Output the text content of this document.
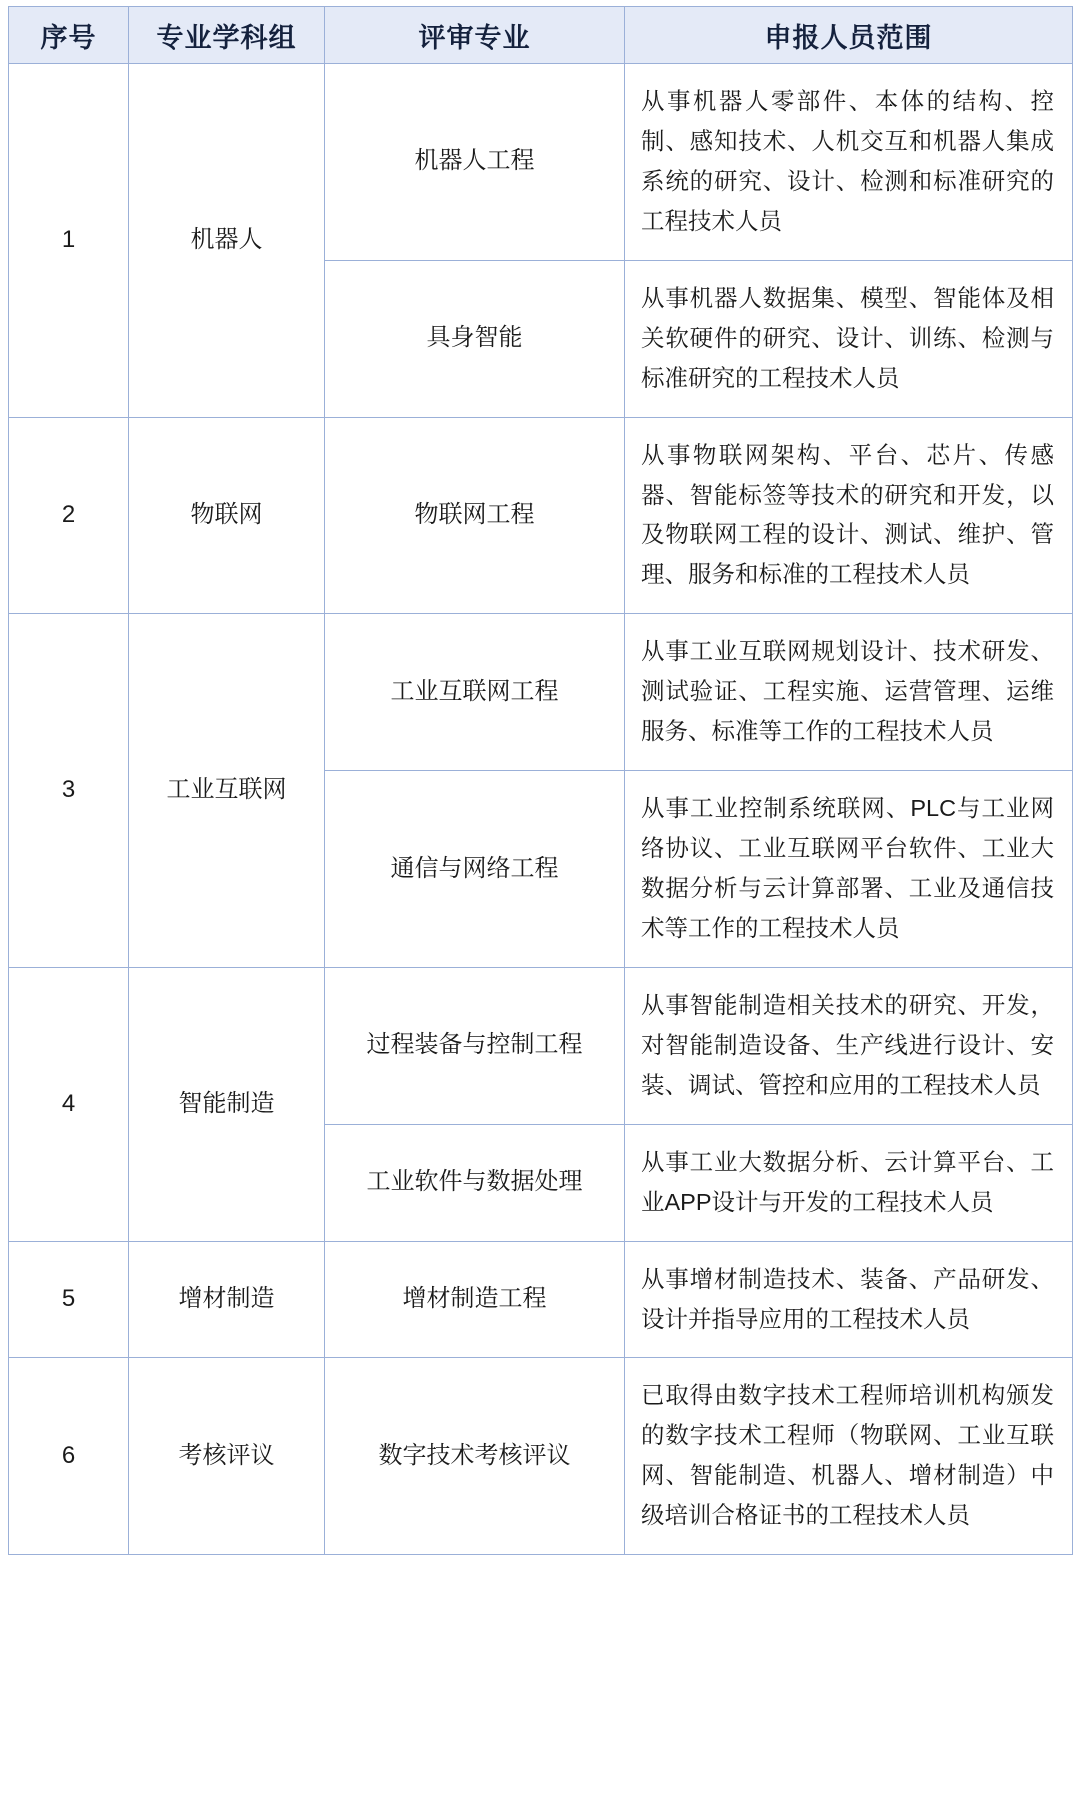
序号	专业学科组	评审专业	申报人员范围
1	机器人	机器人工程	从事机器人零部件、本体的结构、控制、感知技术、人机交互和机器人集成系统的研究、设计、检测和标准研究的工程技术人员
		具身智能	从事机器人数据集、模型、智能体及相关软硬件的研究、设计、训练、检测与标准研究的工程技术人员
2	物联网	物联网工程	从事物联网架构、平台、芯片、传感器、智能标签等技术的研究和开发，以及物联网工程的设计、测试、维护、管理、服务和标准的工程技术人员
3	工业互联网	工业互联网工程	从事工业互联网规划设计、技术研发、测试验证、工程实施、运营管理、运维服务、标准等工作的工程技术人员
		通信与网络工程	从事工业控制系统联网、PLC与工业网络协议、工业互联网平台软件、工业大数据分析与云计算部署、工业及通信技术等工作的工程技术人员
4	智能制造	过程装备与控制工程	从事智能制造相关技术的研究、开发，对智能制造设备、生产线进行设计、安装、调试、管控和应用的工程技术人员
		工业软件与数据处理	从事工业大数据分析、云计算平台、工业APP设计与开发的工程技术人员
5	增材制造	增材制造工程	从事增材制造技术、装备、产品研发、设计并指导应用的工程技术人员
6	考核评议	数字技术考核评议	已取得由数字技术工程师培训机构颁发的数字技术工程师（物联网、工业互联网、智能制造、机器人、增材制造）中级培训合格证书的工程技术人员
